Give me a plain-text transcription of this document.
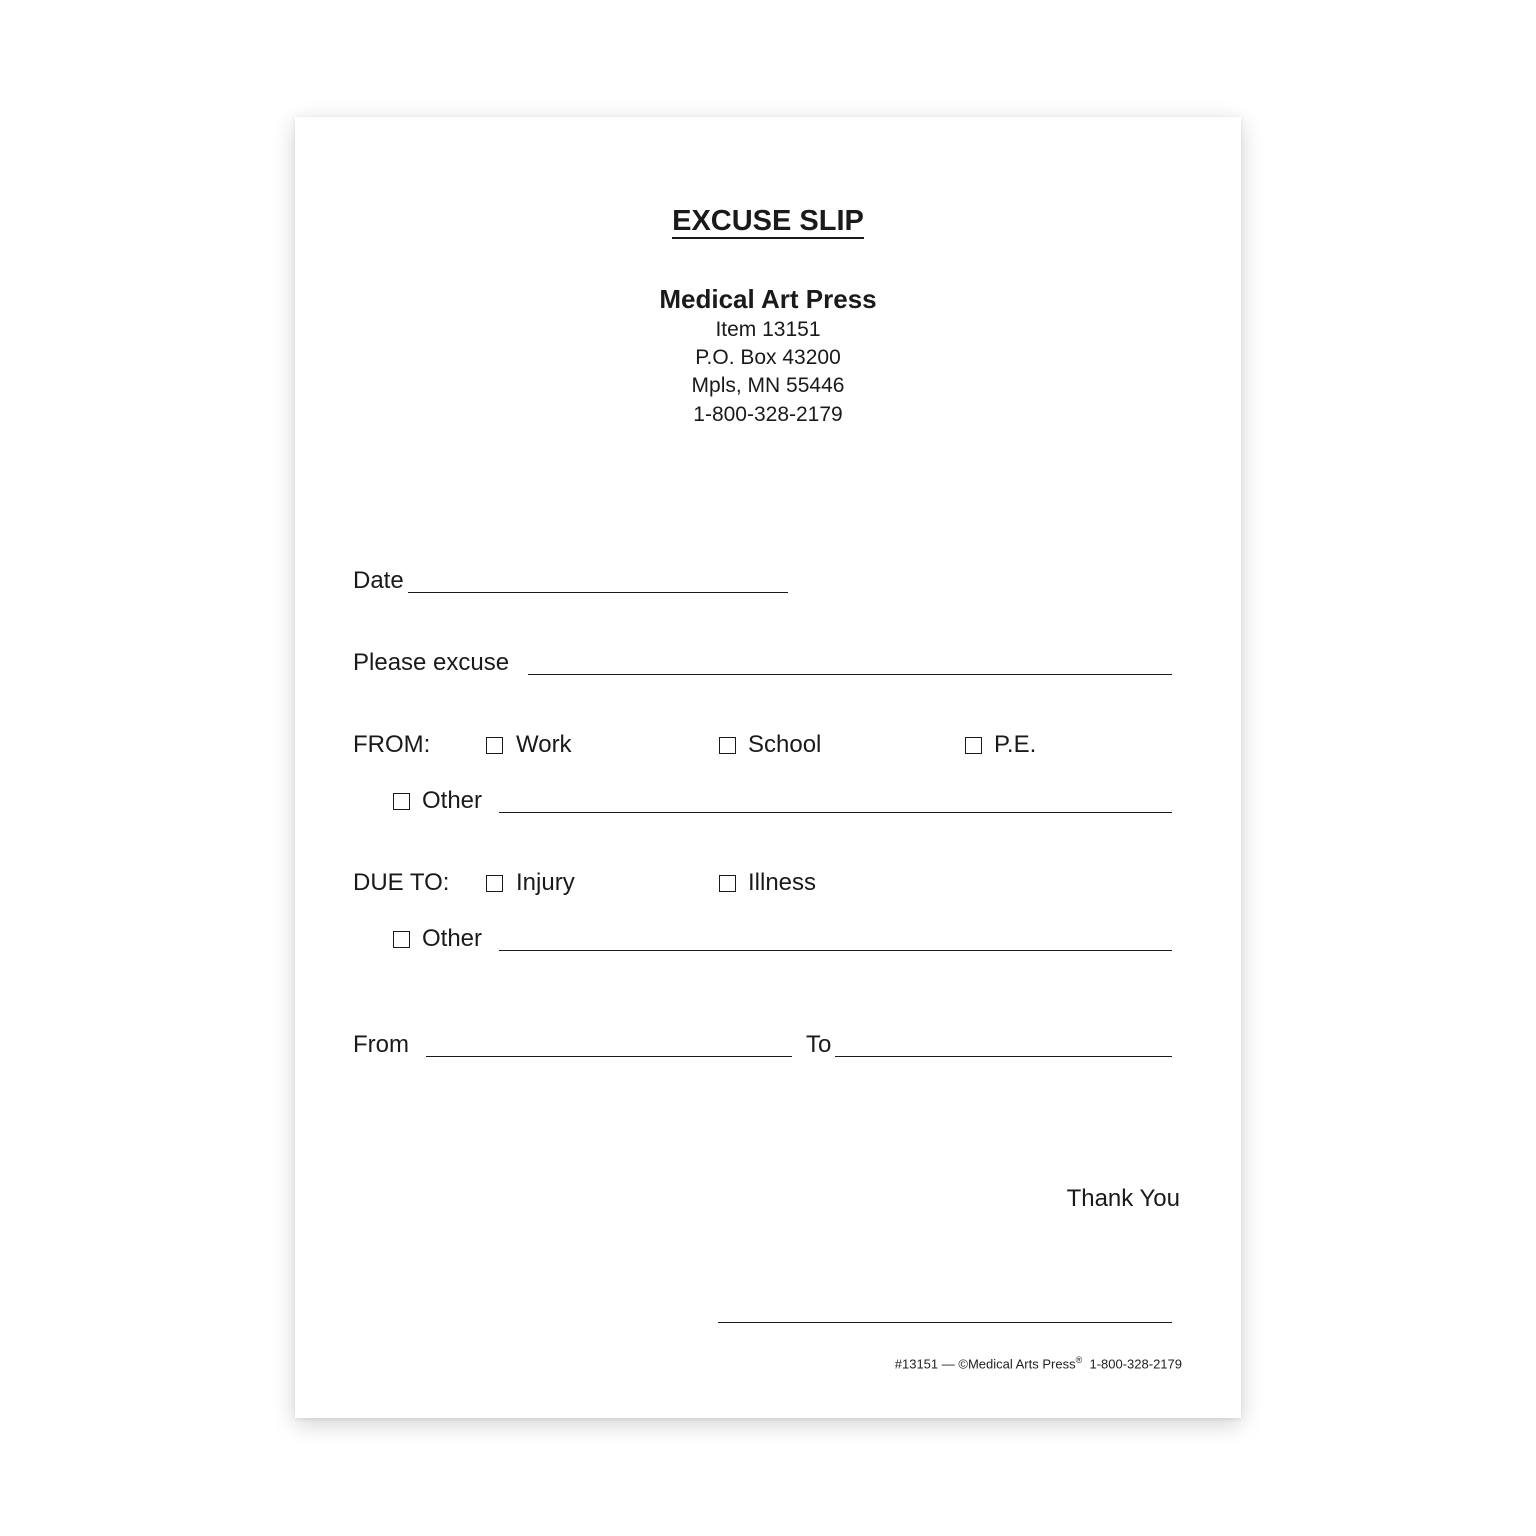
EXCUSE SLIP
Medical Art Press
Item 13151
P.O. Box 43200
Mpls, MN 55446
1-800-328-2179
Date
Please excuse
FROM:	Work	School	P.E.
Other
DUE TO:	Injury	Illness
Other
From	To
Thank You
#13151 — ©Medical Arts Press® 1-800-328-2179
